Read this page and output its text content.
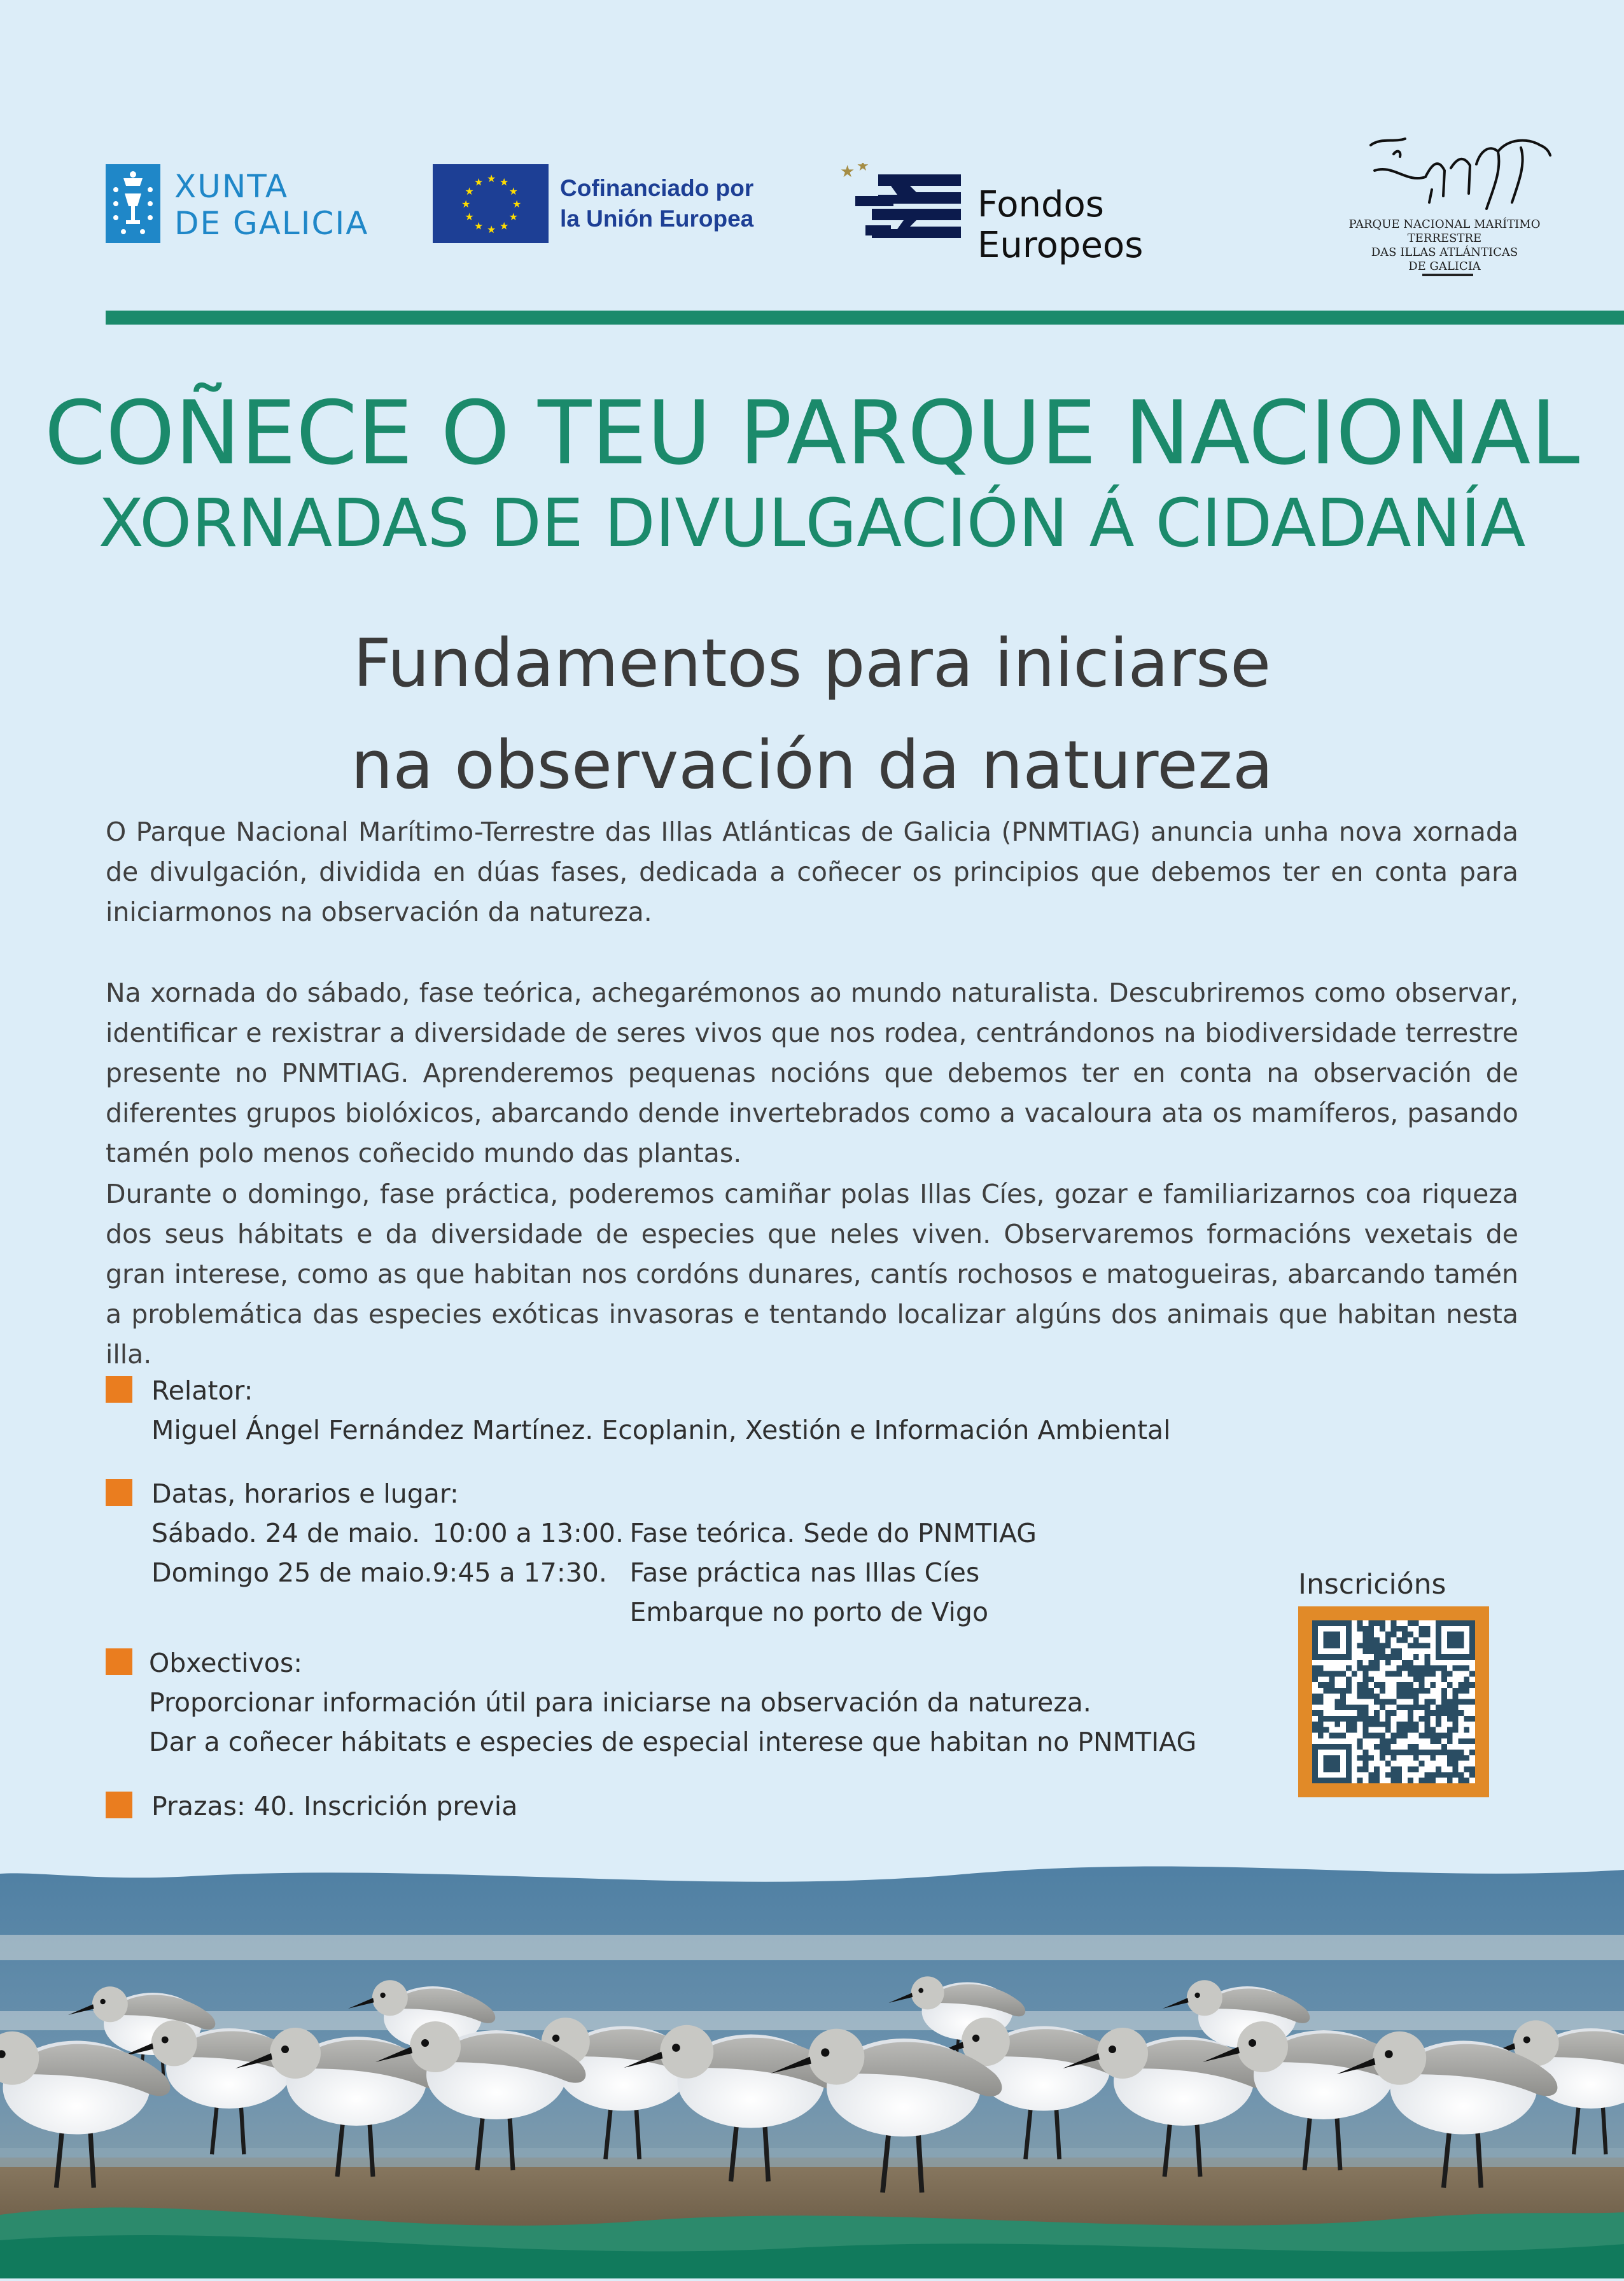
XUNTA
DE GALICIA
★
★
★
★
★
★
★
★
★ ★ ★
★ Cofinanciado por
la Unión Europea
★ ★
Fondos Europeos
PARQUE NACIONAL MARÍTIMO TERRESTRE
DAS ILLAS ATLÁNTICAS
DE GALICIA
COÑECE O TEU PARQUE NACIONAL
XORNADAS DE DIVULGACIÓN Á CIDADANÍA
Fundamentos para iniciarse
na observación da natureza
O Parque Nacional Marítimo-Terrestre das Illas Atlánticas de Galicia (PNMTIAG) anuncia unha nova xornada de divulgación, dividida en dúas fases, dedicada a coñecer os principios que debemos ter en conta para iniciarmonos na observación da natureza.
Na xornada do sábado, fase teórica, achegarémonos ao mundo naturalista. Descubriremos como observar, identificar e rexistrar a diversidade de seres vivos que nos rodea, centrándonos na biodiversidade terrestre presente no PNMTIAG. Aprenderemos pequenas nocións que debemos ter en conta na observación de diferentes grupos biolóxicos, abarcando dende invertebrados como a vacaloura ata os mamíferos, pasando tamén polo menos coñecido mundo das plantas.
Durante o domingo, fase práctica, poderemos camiñar polas Illas Cíes, gozar e familiarizarnos coa riqueza dos seus hábitats e da diversidade de especies que neles viven. Observaremos formacións vexetais de gran interese, como as que habitan nos cordóns dunares, cantís rochosos e matogueiras, abarcando tamén a problemática das especies exóticas invasoras e tentando localizar algúns dos animais que habitan nesta illa.
Relator:
Miguel Ángel Fernández Martínez. Ecoplanin, Xestión e Información Ambiental
Datas, horarios e lugar:
Sábado. 24 de maio.	10:00 a 13:00.	Fase teórica. Sede do PNMTIAG
Domingo 25 de maio.	9:45 a 17:30.	Fase práctica nas Illas Cíes
		Embarque no porto de Vigo
Obxectivos:
Proporcionar información útil para iniciarse na observación da natureza.
Dar a coñecer hábitats e especies de especial interese que habitan no PNMTIAG
Prazas: 40. Inscrición previa
Inscricións
